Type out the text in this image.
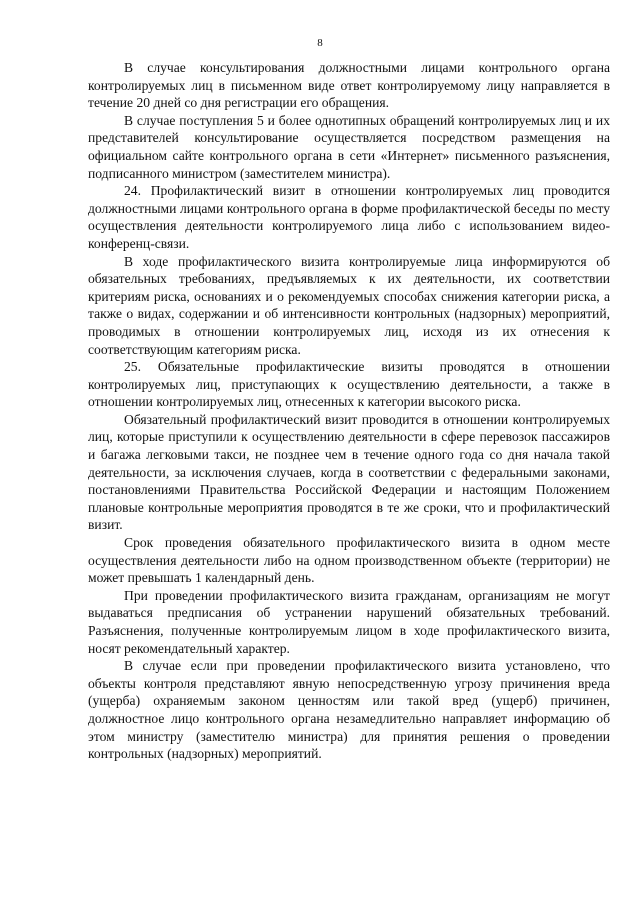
8

В случае консультирования должностными лицами контрольного органа контролируемых лиц в письменном виде ответ контролируемому лицу направляется в течение 20 дней со дня регистрации его обращения.

В случае поступления 5 и более однотипных обращений контролируемых лиц и их представителей консультирование осуществляется посредством размещения на официальном сайте контрольного органа в сети «Интернет» письменного разъяснения, подписанного министром (заместителем министра).

24. Профилактический визит в отношении контролируемых лиц проводится должностными лицами контрольного органа в форме профилактической беседы по месту осуществления деятельности контролируемого лица либо с использованием видео-конференц-связи.

В ходе профилактического визита контролируемые лица информируются об обязательных требованиях, предъявляемых к их деятельности, их соответствии критериям риска, основаниях и о рекомендуемых способах снижения категории риска, а также о видах, содержании и об интенсивности контрольных (надзорных) мероприятий, проводимых в отношении контролируемых лиц, исходя из их отнесения к соответствующим категориям риска.

25. Обязательные профилактические визиты проводятся в отношении контролируемых лиц, приступающих к осуществлению деятельности, а также в отношении контролируемых лиц, отнесенных к категории высокого риска.

Обязательный профилактический визит проводится в отношении контролируемых лиц, которые приступили к осуществлению деятельности в сфере перевозок пассажиров и багажа легковыми такси, не позднее чем в течение одного года со дня начала такой деятельности, за исключения случаев, когда в соответствии с федеральными законами, постановлениями Правительства Российской Федерации и настоящим Положением плановые контрольные мероприятия проводятся в те же сроки, что и профилактический визит.

Срок проведения обязательного профилактического визита в одном месте осуществления деятельности либо на одном производственном объекте (территории) не может превышать 1 календарный день.

При проведении профилактического визита гражданам, организациям не могут выдаваться предписания об устранении нарушений обязательных требований. Разъяснения, полученные контролируемым лицом в ходе профилактического визита, носят рекомендательный характер.

В случае если при проведении профилактического визита установлено, что объекты контроля представляют явную непосредственную угрозу причинения вреда (ущерба) охраняемым законом ценностям или такой вред (ущерб) причинен, должностное лицо контрольного органа незамедлительно направляет информацию об этом министру (заместителю министра) для принятия решения о проведении контрольных (надзорных) мероприятий.
